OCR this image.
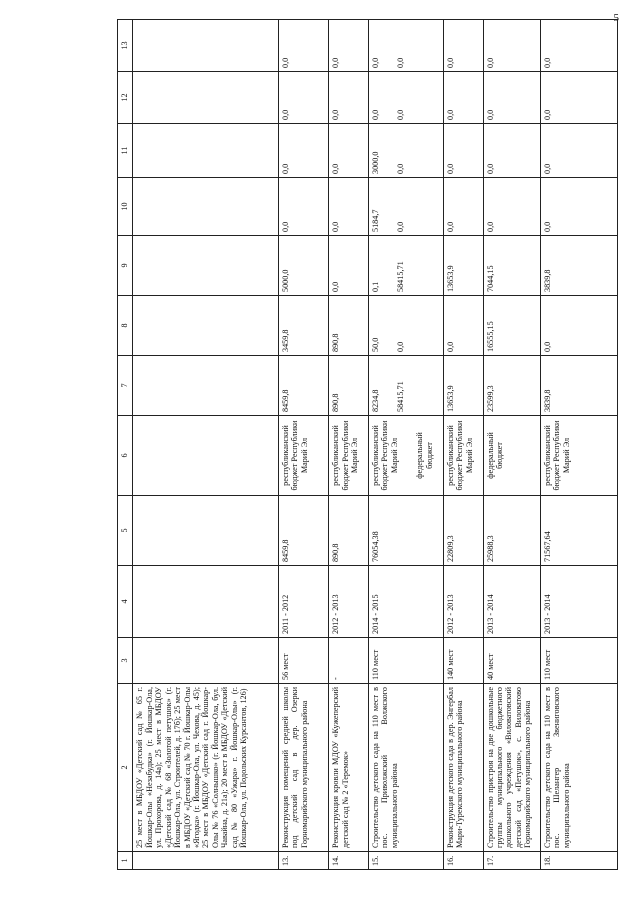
5
1	2	3	4	5	6	7	8	9	10	11	12	13
	25 мест в МБДОУ «Детский сад № 65 г. Йошкар-Олы «Незабудка» (г. Йошкар-Ола, ул. Прохорова, д. 14а); 25 мест в МБДОУ «Детский сад № 68 «Золотой петушок» (г. Йошкар-Ола, ул. Строителей, д. 17б); 25 мест в МБДОУ «Детский сад № 70 г. Йошкар-Олы «Ягодка» (г. Йошкар-Ола, ул. Чехова, д. 45); 25 мест в МБДОУ «Детский сад г. Йошкар-Олы № 76 «Солнышко» (г. Йошкар-Ола, бул. Чавайна, д. 21а); 20 мест в МБДОУ «Детский сад № 80 «Ужара» г. Йошкар-Олы» (г. Йошкар-Ола, ул. Подольских Курсантов, 126)											
13.	Реконструкция помещений средней школы под детский сад в дер. Озерки Горномарийского муниципального района	56 мест	2011 - 2012	8459,8	республиканский бюджет Республики Марий Эл	8459,8	3459,8	5000,0	0,0	0,0	0,0	0,0

14.	Реконструкция кровли МДОУ «Кужеперский детский сад № 2 «Теремок»	-	2012 - 2013	890,8	республиканский бюджет Республики Марий Эл	890,8	890,8	0,0	0,0	0,0	0,0	0,0

15.	Строительство детского сада на 110 мест в пос. Приволжский Волжского муниципального района	110 мест	2014 - 2015	76054,38	республиканский бюджет Республики Марий Эл федеральный бюджет	8234,8 58415,71	50,0 0,0	0,1 58415,71	5184,7 0,0	3000,0 0,0	0,0 0,0	0,0 0,0

16.	Реконструкция детского сада в дер. Энгербал Мари-Турекского муниципального района	140 мест	2012 - 2013	22809,3	республиканский бюджет Республики Марий Эл	13653,9	0,0	13653,9	0,0	0,0	0,0	0,0

17.	Строительство пристроя на две дошкольные группы муниципального бюджетного дошкольного учреждения «Виловатовский детский сад «Петушок», с. Виловатово Горномарийского муниципального района	40 мест	2013 - 2014	25988,3	федеральный бюджет	23599,3	16555,15	7044,15	0,0	0,0	0,0	0,0

18.	Строительство детского сада на 110 мест в пос. Шелангер Звениговского муниципального района	110 мест	2013 - 2014	71567,64	республиканский бюджет Республики Марий Эл	3839,8	0,0	3839,8	0,0	0,0	0,0	0,0
